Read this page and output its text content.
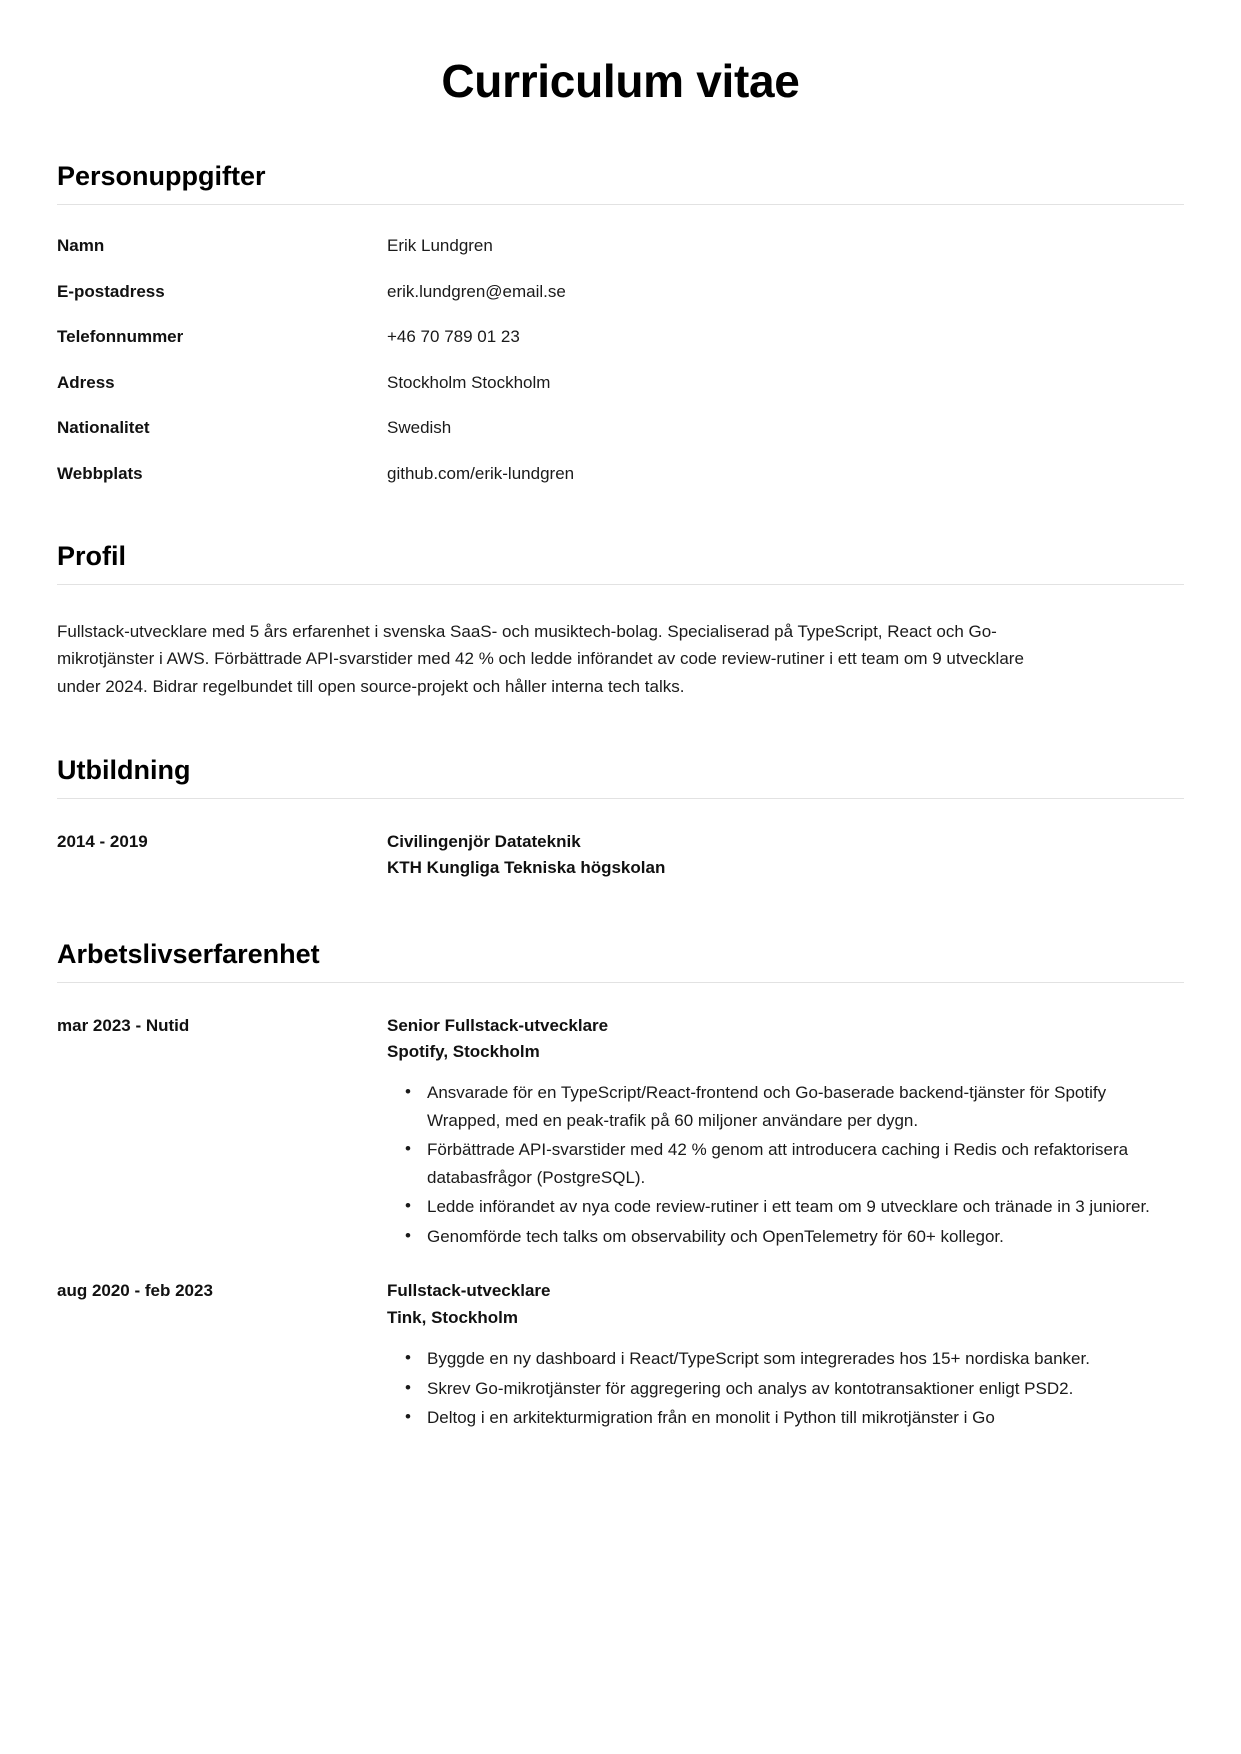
Curriculum vitae
Personuppgifter
Namn	Erik Lundgren
E-postadress	erik.lundgren@email.se
Telefonnummer	+46 70 789 01 23
Adress	Stockholm Stockholm
Nationalitet	Swedish
Webbplats	github.com/erik-lundgren
Profil

Fullstack-utvecklare med 5 års erfarenhet i svenska SaaS- och musiktech-bolag. Specialiserad på TypeScript, React och Go-mikrotjänster i AWS. Förbättrade API-svarstider med 42 % och ledde införandet av code review-rutiner i ett team om 9 utvecklare under 2024. Bidrar regelbundet till open source-projekt och håller interna tech talks.

Utbildning
2014 - 2019	Civilingenjör Datateknik
KTH Kungliga Tekniska högskolan
Arbetslivserfarenhet
mar 2023 - Nutid	Senior Fullstack-utvecklare
Spotify, Stockholm
• Ansvarade för en TypeScript/React-frontend och Go-baserade backend-tjänster för Spotify Wrapped, med en peak-trafik på 60 miljoner användare per dygn.
• Förbättrade API-svarstider med 42 % genom att introducera caching i Redis och refaktorisera databasfrågor (PostgreSQL).
• Ledde införandet av nya code review-rutiner i ett team om 9 utvecklare och tränade in 3 juniorer.
• Genomförde tech talks om observability och OpenTelemetry för 60+ kollegor.
aug 2020 - feb 2023	Fullstack-utvecklare
Tink, Stockholm
• Byggde en ny dashboard i React/TypeScript som integrerades hos 15+ nordiska banker.
• Skrev Go-mikrotjänster för aggregering och analys av kontotransaktioner enligt PSD2.
• Deltog i en arkitekturmigration från en monolit i Python till mikrotjänster i Go
